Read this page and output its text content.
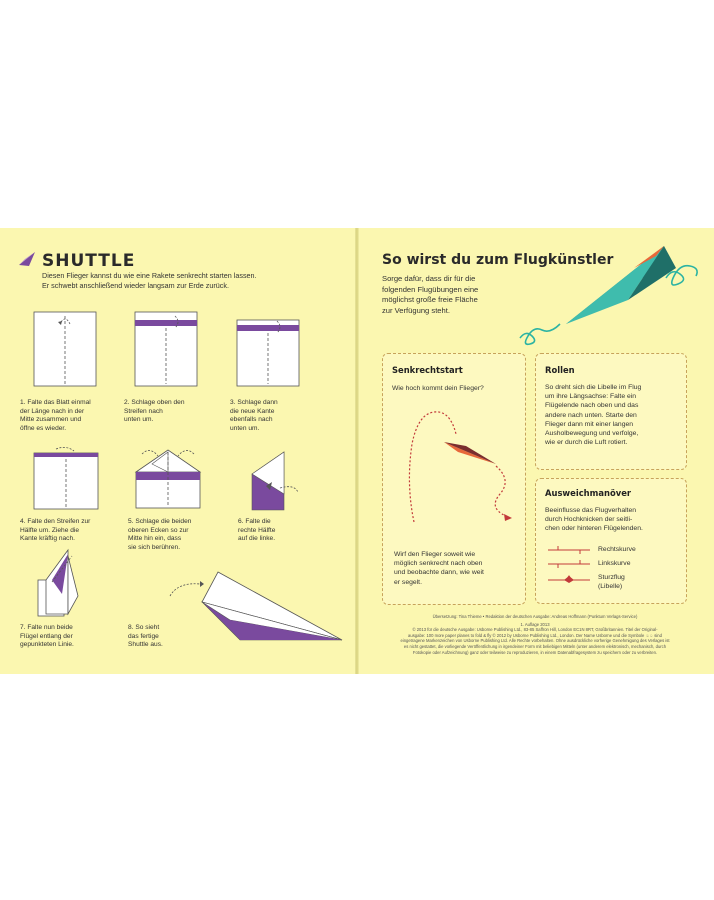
SHUTTLE
Diesen Flieger kannst du wie eine Rakete senkrecht starten lassen.
Er schwebt anschließend wieder langsam zur Erde zurück.
1. Falte das Blatt einmal
der Länge nach in der
Mitte zusammen und
öffne es wieder.
2. Schlage oben den
Streifen nach
unten um.
3. Schlage dann
die neue Kante
ebenfalls nach
unten um.
4. Falte den Streifen zur
Hälfte um. Ziehe die
Kante kräftig nach.
5. Schlage die beiden
oberen Ecken so zur
Mitte hin ein, dass
sie sich berühren.
6. Falte die
rechte Hälfte
auf die linke.
7. Falte nun beide
Flügel entlang der
gepunkteten Linie.
8. So sieht
das fertige
Shuttle aus.
So wirst du zum Flugkünstler
Sorge dafür, dass dir für die
folgenden Flugübungen eine
möglichst große freie Fläche
zur Verfügung steht.
Senkrechtstart
Wie hoch kommt dein Flieger?
Wirf den Flieger soweit wie
möglich senkrecht nach oben
und beobachte dann, wie weit
er segelt.
Rollen
So dreht sich die Libelle im Flug
um ihre Längsachse: Falte ein
Flügelende nach oben und das
andere nach unten. Starte den
Flieger dann mit einer langen
Ausholbewegung und verfolge,
wie er durch die Luft rotiert.
Ausweichmanöver
Beeinflusse das Flugverhalten
durch Hochknicken der seitli-
chen oder hinteren Flügelenden.
Rechtskurve
Linkskurve
Sturzflug
(Libelle)
Übersetzung: Tina Thieme • Redaktion der deutschen Ausgabe: Andreas Hoffmann (Punktum Verlags-Service)
1. Auflage 2013
© 2013 für die deutsche Ausgabe: Usborne Publishing Ltd., 83-85 Saffron Hill, London EC1N 8RT, Großbritannien. Titel der Original-
ausgabe: 100 more paper planes to fold & fly © 2012 by Usborne Publishing Ltd., London. Der Name Usborne und die Symbole ♧♤ sind
eingetragene Markenzeichen von Usborne Publishing Ltd. Alle Rechte vorbehalten. Ohne ausdrückliche vorherige Genehmigung des Verlages ist
es nicht gestattet, die vorliegende Veröffentlichung in irgendeiner Form mit beliebigen Mitteln (unter anderem elektronisch, mechanisch, durch
Fotokopie oder Aufzeichnung) ganz oder teilweise zu reproduzieren, in einem Datenabfragesystem zu speichern oder zu verbreiten.
